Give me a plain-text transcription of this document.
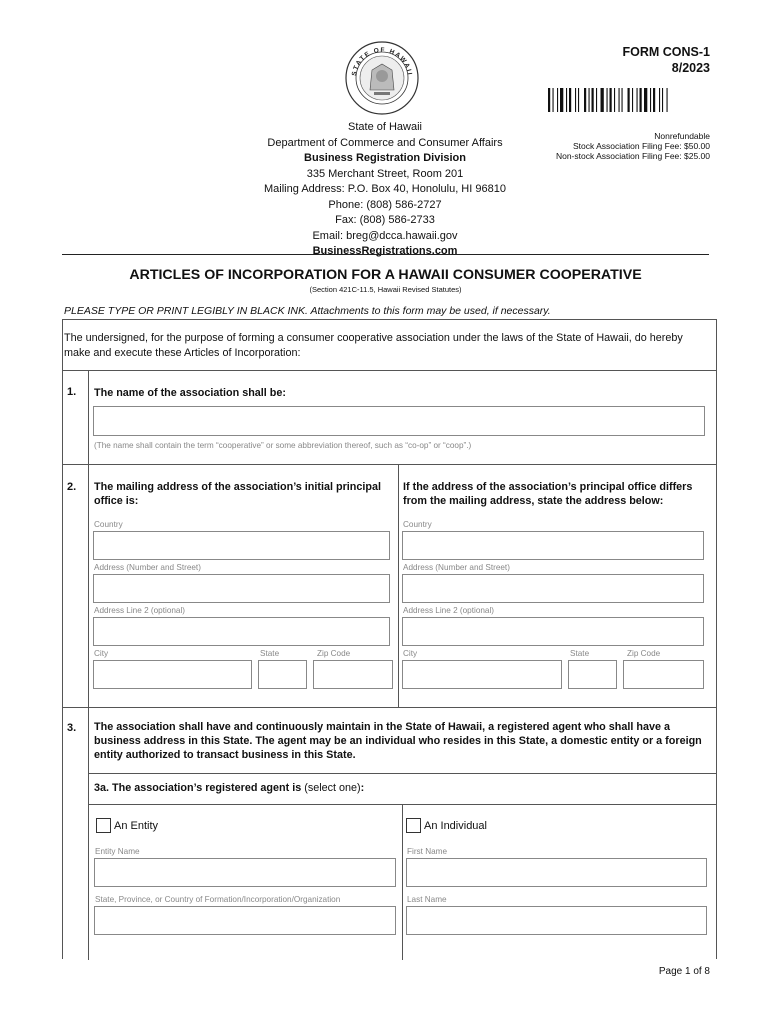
STATE OF HAWAII
FORM CONS-1
8/2023
Nonrefundable
Stock Association Filing Fee: $50.00
Non-stock Association Filing Fee: $25.00
State of Hawaii
Department of Commerce and Consumer Affairs
Business Registration Division
335 Merchant Street, Room 201
Mailing Address: P.O. Box 40, Honolulu, HI 96810
Phone: (808) 586-2727
Fax: (808) 586-2733
Email: breg@dcca.hawaii.gov
BusinessRegistrations.com
ARTICLES OF INCORPORATION FOR A HAWAII CONSUMER COOPERATIVE
(Section 421C-11.5, Hawaii Revised Statutes)
PLEASE TYPE OR PRINT LEGIBLY IN BLACK INK. Attachments to this form may be used, if necessary.
The undersigned, for the purpose of forming a consumer cooperative association under the laws of the State of Hawaii, do hereby make and execute these Articles of Incorporation:
1. The name of the association shall be:
(The name shall contain the term “cooperative” or some abbreviation thereof, such as “co-op” or “coop”.)
2. The mailing address of the association’s initial principal office is:
If the address of the association’s principal office differs from the mailing address, state the address below:
Country
Address (Number and Street)
Address Line 2 (optional)
City	State	Zip Code
Country
Address (Number and Street)
Address Line 2 (optional)
City	State	Zip Code
3. The association shall have and continuously maintain in the State of Hawaii, a registered agent who shall have a business address in this State. The agent may be an individual who resides in this State, a domestic entity or a foreign entity authorized to transact business in this State.
3a. The association’s registered agent is (select one):
An Entity
Entity Name
State, Province, or Country of Formation/Incorporation/Organization
An Individual
First Name
Last Name
Page 1 of 8
